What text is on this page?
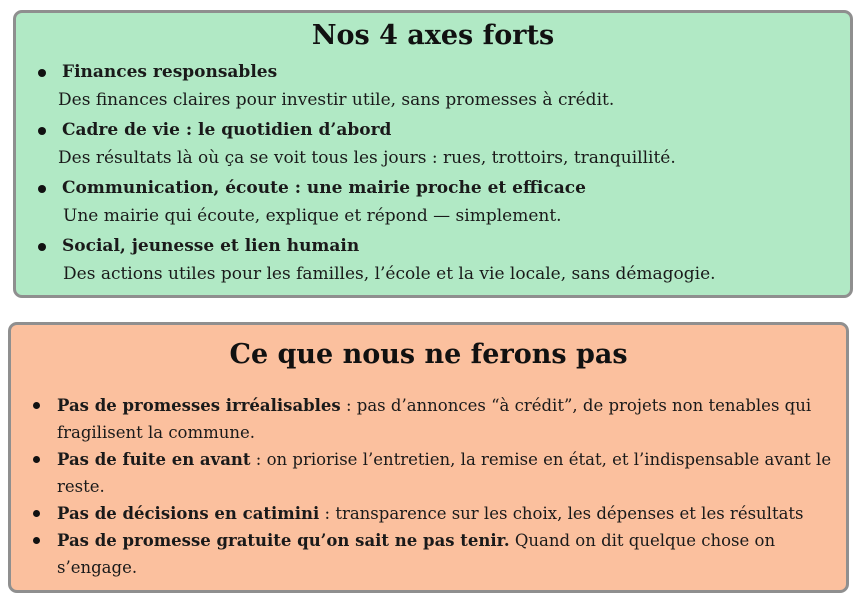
Nos 4 axes forts
Finances responsables
Des finances claires pour investir utile, sans promesses à crédit.
Cadre de vie : le quotidien d’abord
Des résultats là où ça se voit tous les jours : rues, trottoirs, tranquillité.
Communication, écoute : une mairie proche et efficace
Une mairie qui écoute, explique et répond — simplement.
Social, jeunesse et lien humain
Des actions utiles pour les familles, l’école et la vie locale, sans démagogie.
Ce que nous ne ferons pas
Pas de promesses irréalisables : pas d’annonces “à crédit”, de projets non tenables qui fragilisent la commune.
Pas de fuite en avant : on priorise l’entretien, la remise en état, et l’indispensable avant le reste.
Pas de décisions en catimini : transparence sur les choix, les dépenses et les résultats
Pas de promesse gratuite qu’on sait ne pas tenir. Quand on dit quelque chose on s’engage.
